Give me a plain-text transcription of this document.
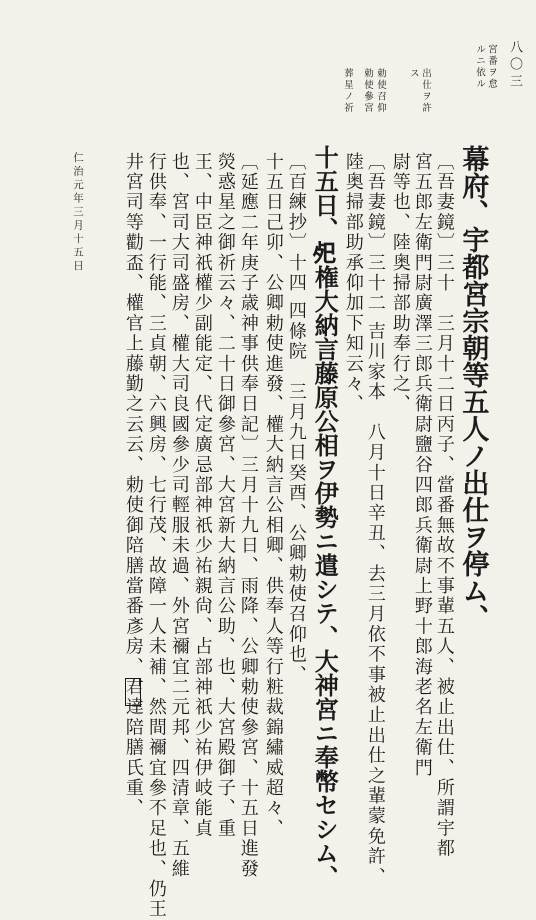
八〇三
宮番ヲ怠
ルニ依ル
出仕ヲ許
ス
勅使召仰
勅使參宮
葬星ノ祈
幕府、宇都宮宗朝等五人ノ出仕ヲ停ム、
〔吾妻鏡〕三十　三月十二日丙子、當番無故不事輩五人、被止出仕、所謂宇都
宮五郎左衛門尉廣澤三郎兵衛尉鹽谷四郎兵衛尉上野十郎海老名左衛門
尉等也、陸奥掃部助奉行之、
〔吾妻鏡〕三十二 吉川家本　八月十日辛丑、去三月依不事被止出仕之輩蒙免許、
陸奥掃部助承仰加下知云々、
十五日、𢀸権大納言藤原公相ヲ伊勢ニ遣シテ、大神宮ニ奉幣セシム、
〔百練抄〕十四 四條院　三月九日癸酉、公卿勅使召仰也、
十五日己卯、公卿勅使進發、權大納言公相卿、供奉人等行粧裁錦繡威超々、
〔延應二年庚子歳神事供奉日記〕三月十九日、雨降、公卿勅使參宮、十五日進發
熒惑星之御祈云々、二十日御參宮、大宮新大納言公助、也、大宮殿御子、重
王、中臣神祇權少副能定、代定廣忌部神祇少祐親尙、占部神祇少祐伊岐能貞
也、宮司大司盛房、權大司良國參少司輕服未過、外宮禰宜二元邦、四清章、五維
行供奉、一行能、三貞朝、六興房、七行茂、故障一人未補、然間禰宜參不足也、仍王
井宮司等勸盃、權官上藤勤之云云、勅使御陪膳當番彥房、君達陪膳氏重、
仁治元年三月十五日
